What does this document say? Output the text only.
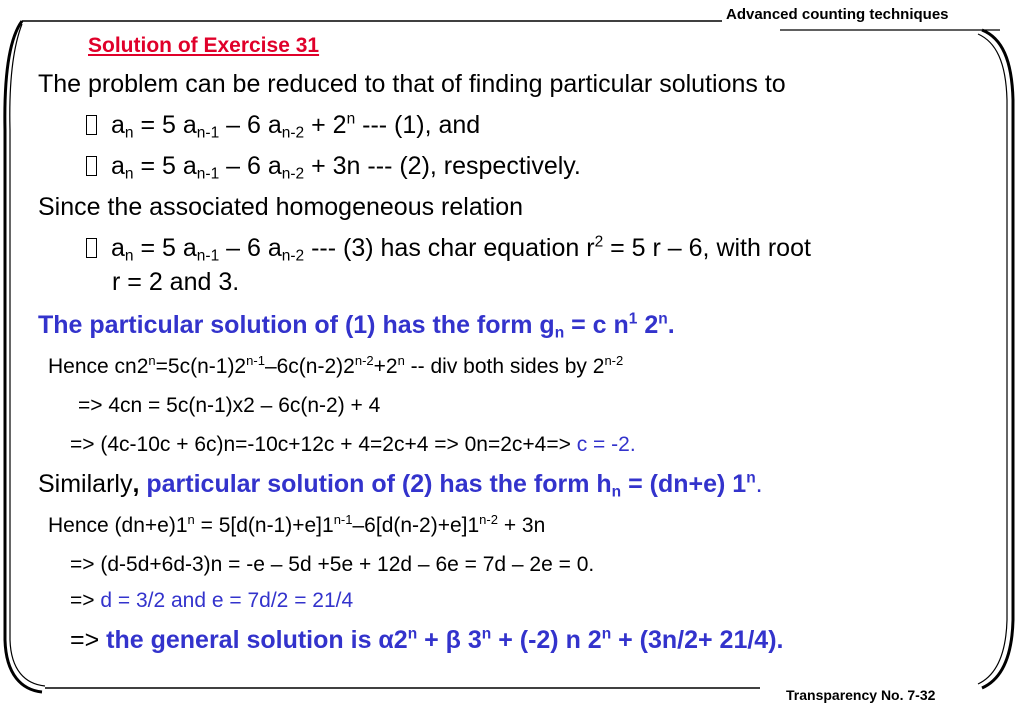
Advanced counting techniques
Transparency No. 7-32
Solution of Exercise 31
The problem can be reduced to that of finding particular solutions to
$a_n = 5$ $a_{n-1} - 6$ $a_{n-2} + 2^n$ --- (1), and
$a_n = 5$ $a_{n-1} - 6$ $a_{n-2} + 3n$ --- (2), respectively.
Since the associated homogeneous relation
$a_n = 5$ $a_{n-1} - 6$ $a_{n-2}$ --- (3) has char equation $r^2 = 5$ r – 6, with root
r = 2 and 3.
The particular solution of (1) has the form $g_n = c$ $n^1$ 2$^n$.
Hence $cn2^n=5c(n-1)2^{n-1}-6c(n-2)2^{n-2}+2^n$ -- div both sides by $2^{n-2}$
=> 4cn = 5c(n-1)x2 – 6c(n-2) + 4
=> (4c-10c + 6c)n=-10c+12c + 4=2c+4 => 0n=2c+4=> c = -2.
Similarly, particular solution of (2) has the form $h_n = (dn+e)$ 1$^n$.
Hence $(dn+e)1^n = 5[d(n-1)+e]1^{n-1}-6[d(n-2)+e]1^{n-2} + 3n$
=> (d-5d+6d-3)n = -e – 5d +5e + 12d – 6e = 7d – 2e = 0.
=> d = 3/2 and e = 7d/2 = 21/4
=> the general solution is $\alpha 2^n + \beta$ $3^n + (-2)$ n $2^n + (3n/2+ 21/4)$.
